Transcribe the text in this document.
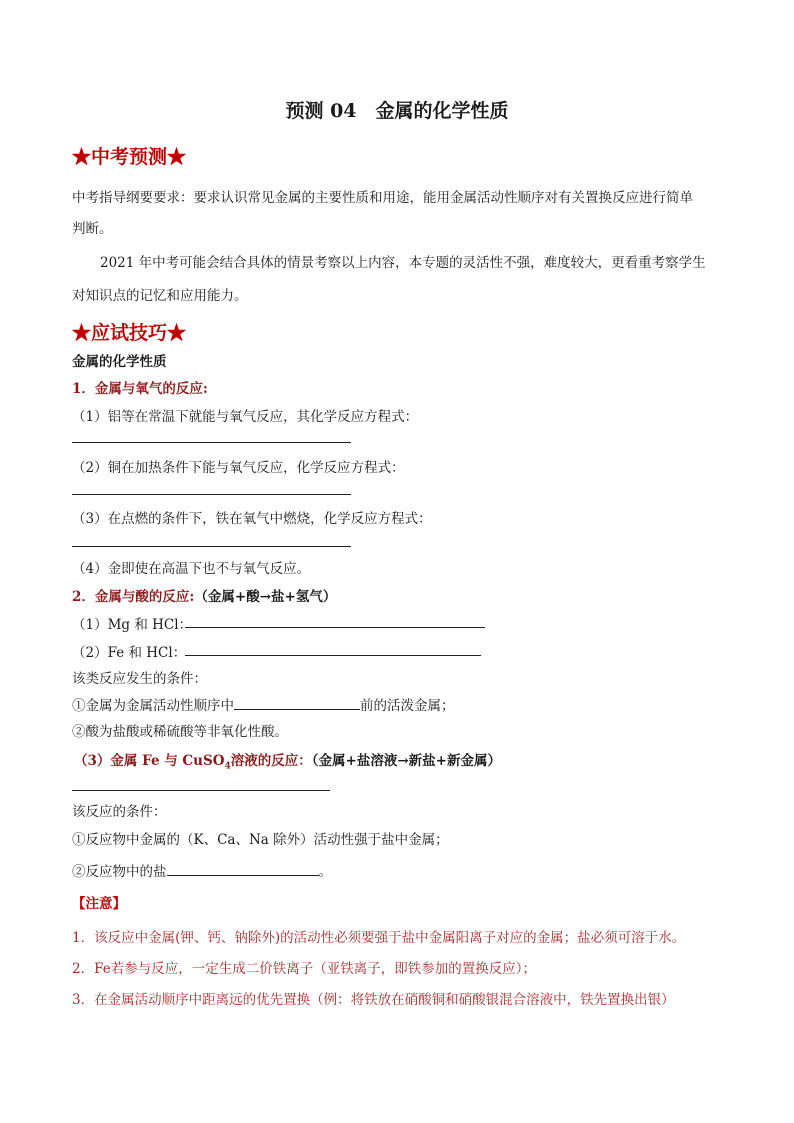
预测 04　金属的化学性质
★中考预测★
中考指导纲要要求：要求认识常见金属的主要性质和用途，能用金属活动性顺序对有关置换反应进行简单
判断。
2021 年中考可能会结合具体的情景考察以上内容，本专题的灵活性不强，难度较大，更看重考察学生
对知识点的记忆和应用能力。
★应试技巧★
金属的化学性质
1．金属与氧气的反应:
（1）铝等在常温下就能与氧气反应，其化学反应方程式：
（2）铜在加热条件下能与氧气反应，化学反应方程式：
（3）在点燃的条件下，铁在氧气中燃烧，化学反应方程式：
（4）金即使在高温下也不与氧气反应。
2．金属与酸的反应:（金属+酸→盐+氢气）
（1）Mg 和 HCl：
（2）Fe 和 HCl：
该类反应发生的条件：
①金属为金属活动性顺序中	前的活泼金属；
②酸为盐酸或稀硫酸等非氧化性酸。
（3）金属 Fe 与 CuSO$_4$溶液的反应：（金属+盐溶液→新盐+新金属）
该反应的条件：
①反应物中金属的（K、Ca、Na 除外）活动性强于盐中金属；
②反应物中的盐	。
【注意】
1．该反应中金属(钾、钙、钠除外)的活动性必须要强于盐中金属阳离子对应的金属；盐必须可溶于水。
2．Fe若参与反应，一定生成二价铁离子（亚铁离子，即铁参加的置换反应）；
3．在金属活动顺序中距离远的优先置换（例：将铁放在硝酸铜和硝酸银混合溶液中，铁先置换出银）
